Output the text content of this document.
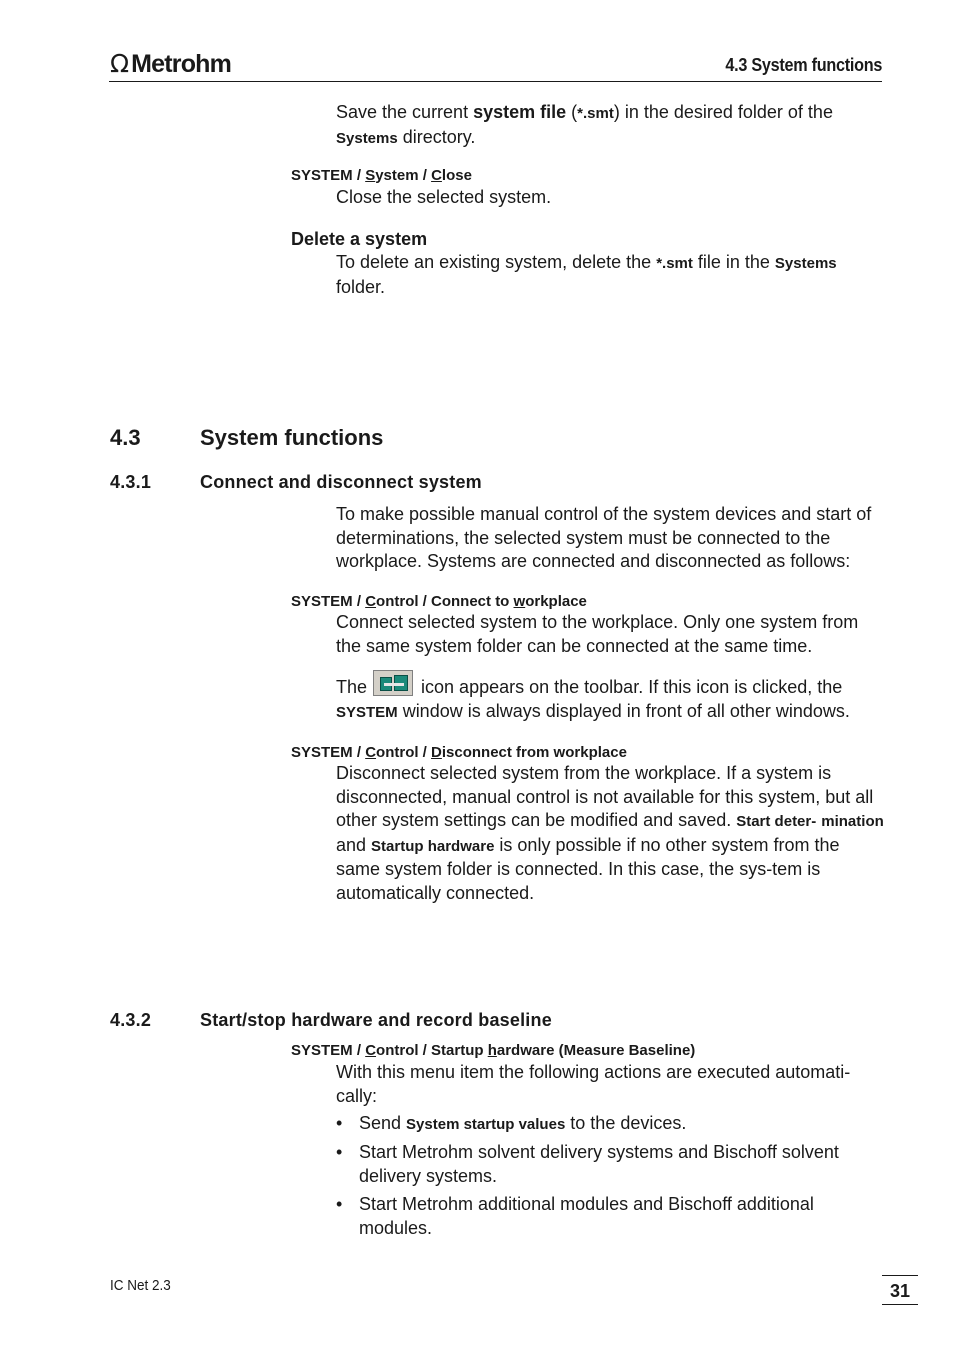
Ω Metrohm	4.3 System functions
Save the current system file (*.smt) in the desired folder of the
Systems directory.
SYSTEM / System / Close
Close the selected system.
Delete a system
To delete an existing system, delete the *.smt file in the Systems
folder.
4.3	System functions
4.3.1	Connect and disconnect system
To make possible manual control of the system devices and start of determinations, the selected system must be connected to the workplace. Systems are connected and disconnected as follows:
SYSTEM / Control / Connect to workplace
Connect selected system to the workplace. Only one system from the same system folder can be connected at the same time.
The	icon appears on the toolbar. If this icon is clicked, the
SYSTEM window is always displayed in front of all other windows.
SYSTEM / Control / Disconnect from workplace
Disconnect selected system from the workplace. If a system is disconnected, manual control is not available for this system, but all other system settings can be modified and saved. Start deter- mination and Startup hardware is only possible if no other system from the same system folder is connected. In this case, the sys-tem is automatically connected.
4.3.2	Start/stop hardware and record baseline
SYSTEM / Control / Startup hardware (Measure Baseline)
With this menu item the following actions are executed automati-cally:
• Send System startup values to the devices.
• Start Metrohm solvent delivery systems and Bischoff solvent delivery systems.
• Start Metrohm additional modules and Bischoff additional modules.
IC Net 2.3	31
